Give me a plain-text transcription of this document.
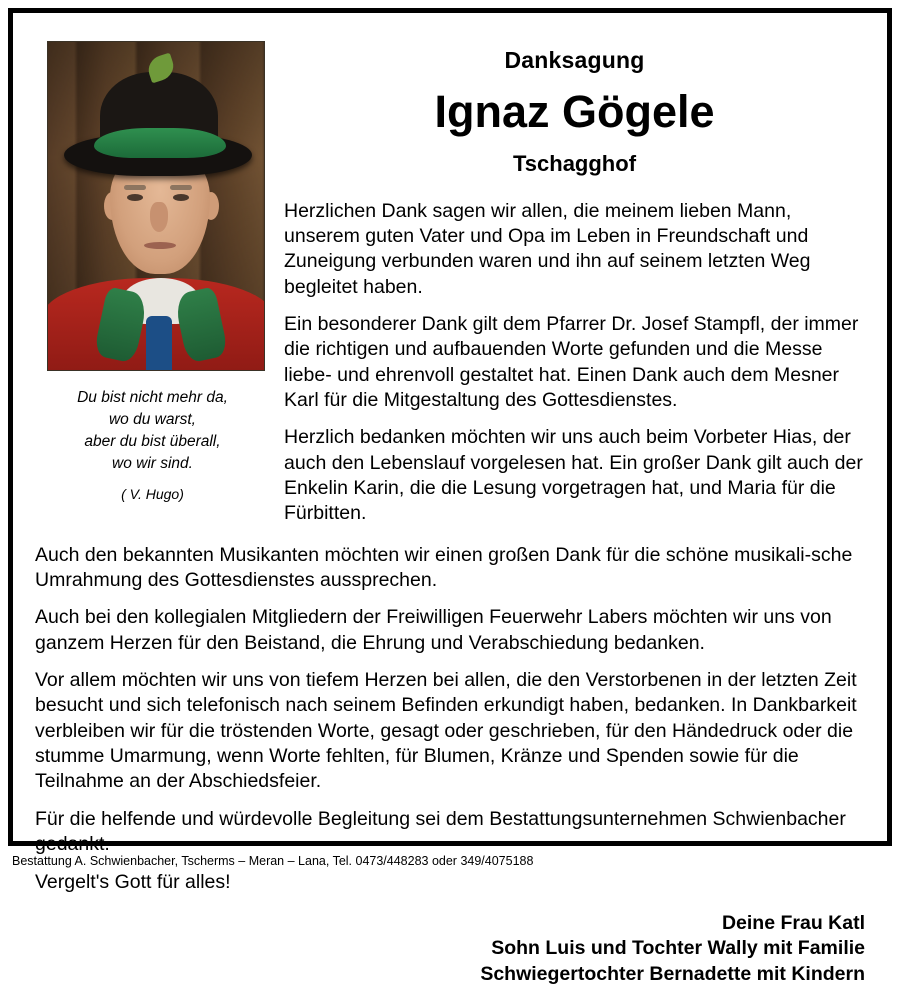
Du bist nicht mehr da,
wo du warst,
aber du bist überall,
wo wir sind.
( V. Hugo)
Danksagung
Ignaz Gögele
Tschagghof

Herzlichen Dank sagen wir allen, die meinem lieben Mann, unserem guten Vater und Opa im Leben in Freundschaft und Zuneigung verbunden waren und ihn auf seinem letzten Weg begleitet haben.

Ein besonderer Dank gilt dem Pfarrer Dr. Josef Stampfl, der immer die richtigen und aufbauenden Worte gefunden und die Messe liebe- und ehrenvoll gestaltet hat. Einen Dank auch dem Mesner Karl für die Mitgestaltung des Gottesdienstes.

Herzlich bedanken möchten wir uns auch beim Vorbeter Hias, der auch den Lebenslauf vorgelesen hat. Ein großer Dank gilt auch der Enkelin Karin, die die Lesung vorgetragen hat, und Maria für die Fürbitten.

Auch den bekannten Musikanten möchten wir einen großen Dank für die schöne musikali-sche Umrahmung des Gottesdienstes aussprechen.

Auch bei den kollegialen Mitgliedern der Freiwilligen Feuerwehr Labers möchten wir uns von ganzem Herzen für den Beistand, die Ehrung und Verabschiedung bedanken.

Vor allem möchten wir uns von tiefem Herzen bei allen, die den Verstorbenen in der letzten Zeit besucht und sich telefonisch nach seinem Befinden erkundigt haben, bedanken. In Dankbarkeit verbleiben wir für die tröstenden Worte, gesagt oder geschrieben, für den Händedruck oder die stumme Umarmung, wenn Worte fehlten, für Blumen, Kränze und Spenden sowie für die Teilnahme an der Abschiedsfeier.

Für die helfende und würdevolle Begleitung sei dem Bestattungsunternehmen Schwienbacher gedankt.

Vergelt's Gott für alles!

Deine Frau Katl
Sohn Luis und Tochter Wally mit Familie
Schwiegertochter Bernadette mit Kindern
Bestattung A. Schwienbacher, Tscherms – Meran – Lana, Tel. 0473/448283 oder 349/4075188
